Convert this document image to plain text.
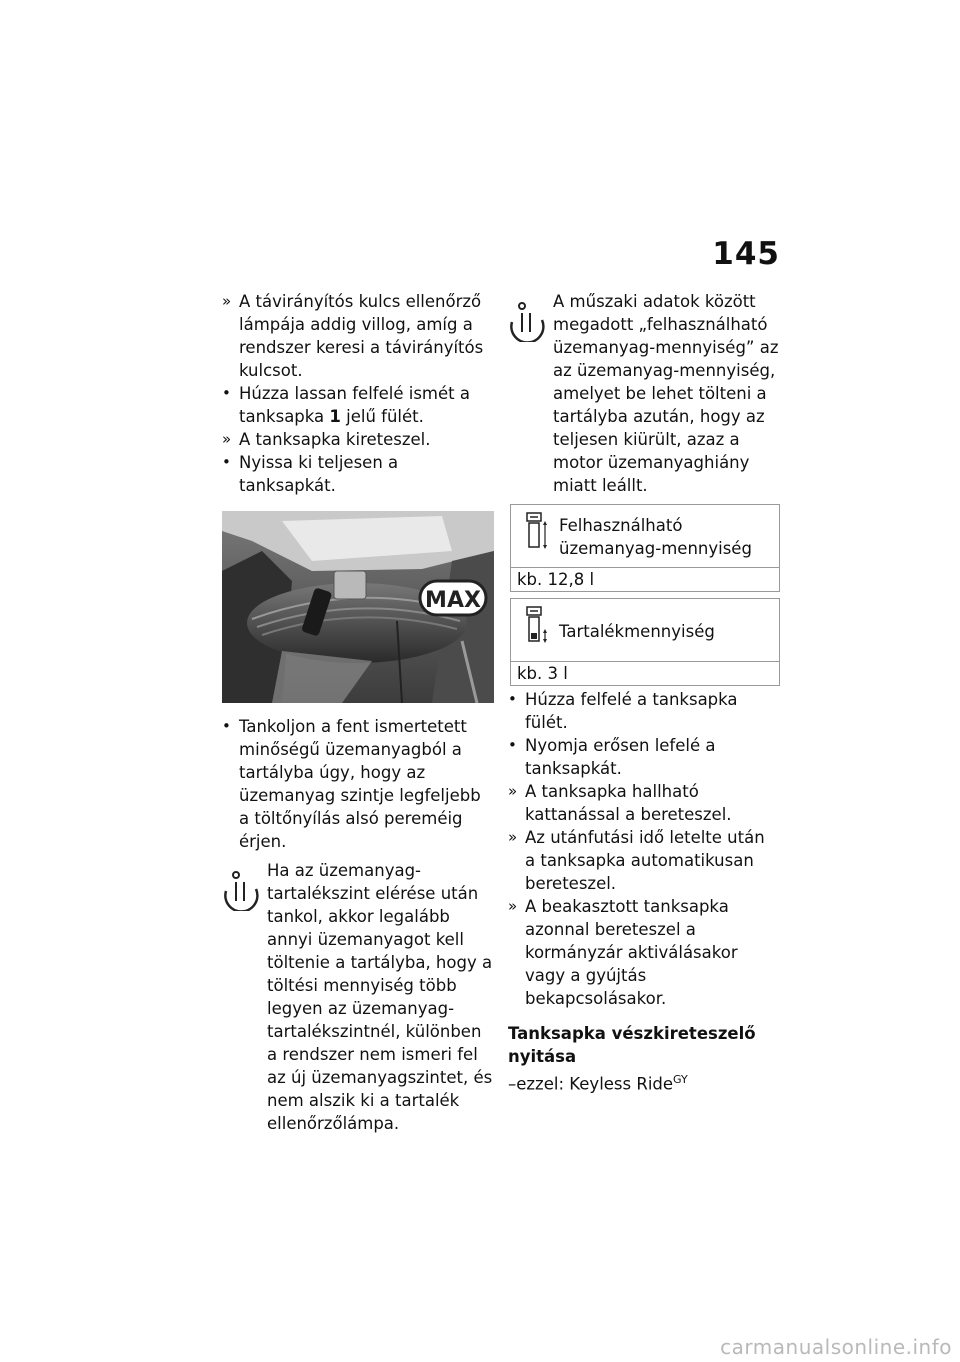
145
» A távirányítós kulcs ellenőrző lámpája addig villog, amíg a rendszer keresi a távirányítós kulcsot.
• Húzza lassan felfelé ismét a tanksapka 1 jelű fülét.
» A tanksapka kireteszel.
• Nyissa ki teljesen a tanksapkát.
MAX
• Tankoljon a fent ismertetett minőségű üzemanyagból a tartályba úgy, hogy az üzemanyag szintje legfeljebb a töltőnyílás alsó pereméig érjen.
Ha az üzemanyag-tartalékszint elérése után tankol, akkor legalább annyi üzemanyagot kell töltenie a tartályba, hogy a töltési mennyiség több legyen az üzemanyag-tartalékszintnél, különben a rendszer nem ismeri fel az új üzemanyagszintet, és nem alszik ki a tartalék ellenőrzőlámpa.
A műszaki adatok között megadott „felhasználható üzemanyag-mennyiség” az az üzemanyag-mennyiség, amelyet be lehet tölteni a tartályba azután, hogy az teljesen kiürült, azaz a motor üzemanyaghiány miatt leállt.
Felhasználható üzemanyag-mennyiség
kb. 12,8 l
Tartalékmennyiség
kb. 3 l
• Húzza felfelé a tanksapka fülét.
• Nyomja erősen lefelé a tanksapkát.
» A tanksapka hallható kattanással a bereteszel.
» Az utánfutási idő letelte után a tanksapka automatikusan bereteszel.
» A beakasztott tanksapka azonnal bereteszel a kormányzár aktiválásakor vagy a gyújtás bekapcsolásakor.
Tanksapka vészkireteszelő nyitása
–ezzel: Keyless Ride$^{GY}$
carmanualsonline.info
